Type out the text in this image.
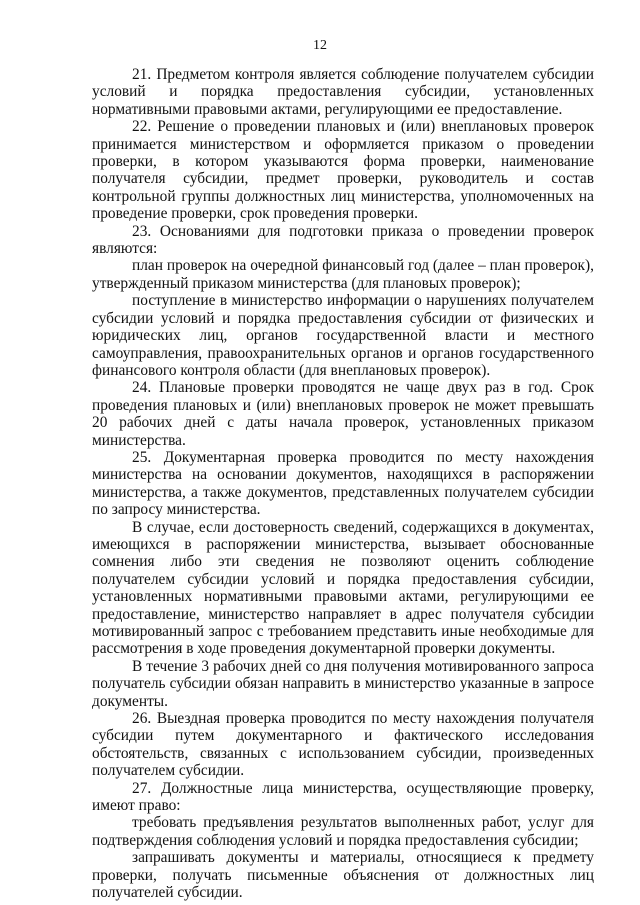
12

21. Предметом контроля является соблюдение получателем субсидии условий и порядка предоставления субсидии, установленных нормативными правовыми актами, регулирующими ее предоставление.

22. Решение о проведении плановых и (или) внеплановых проверок принимается министерством и оформляется приказом о проведении проверки, в котором указываются форма проверки, наименование получателя субсидии, предмет проверки, руководитель и состав контрольной группы должностных лиц министерства, уполномоченных на проведение проверки, срок проведения проверки.

23. Основаниями для подготовки приказа о проведении проверок являются:

план проверок на очередной финансовый год (далее – план проверок), утвержденный приказом министерства (для плановых проверок);

поступление в министерство информации о нарушениях получателем субсидии условий и порядка предоставления субсидии от физических и юридических лиц, органов государственной власти и местного самоуправления, правоохранительных органов и органов государственного финансового контроля области (для внеплановых проверок).

24. Плановые проверки проводятся не чаще двух раз в год. Срок проведения плановых и (или) внеплановых проверок не может превышать 20 рабочих дней с даты начала проверок, установленных приказом министерства.

25. Документарная проверка проводится по месту нахождения министерства на основании документов, находящихся в распоряжении министерства, а также документов, представленных получателем субсидии по запросу министерства.

В случае, если достоверность сведений, содержащихся в документах, имеющихся в распоряжении министерства, вызывает обоснованные сомнения либо эти сведения не позволяют оценить соблюдение получателем субсидии условий и порядка предоставления субсидии, установленных нормативными правовыми актами, регулирующими ее предоставление, министерство направляет в адрес получателя субсидии мотивированный запрос с требованием представить иные необходимые для рассмотрения в ходе проведения документарной проверки документы.

В течение 3 рабочих дней со дня получения мотивированного запроса получатель субсидии обязан направить в министерство указанные в запросе документы.

26. Выездная проверка проводится по месту нахождения получателя субсидии путем документарного и фактического исследования обстоятельств, связанных с использованием субсидии, произведенных получателем субсидии.

27. Должностные лица министерства, осуществляющие проверку, имеют право:

требовать предъявления результатов выполненных работ, услуг для подтверждения соблюдения условий и порядка предоставления субсидии;

запрашивать документы и материалы, относящиеся к предмету проверки, получать письменные объяснения от должностных лиц получателей субсидии.
